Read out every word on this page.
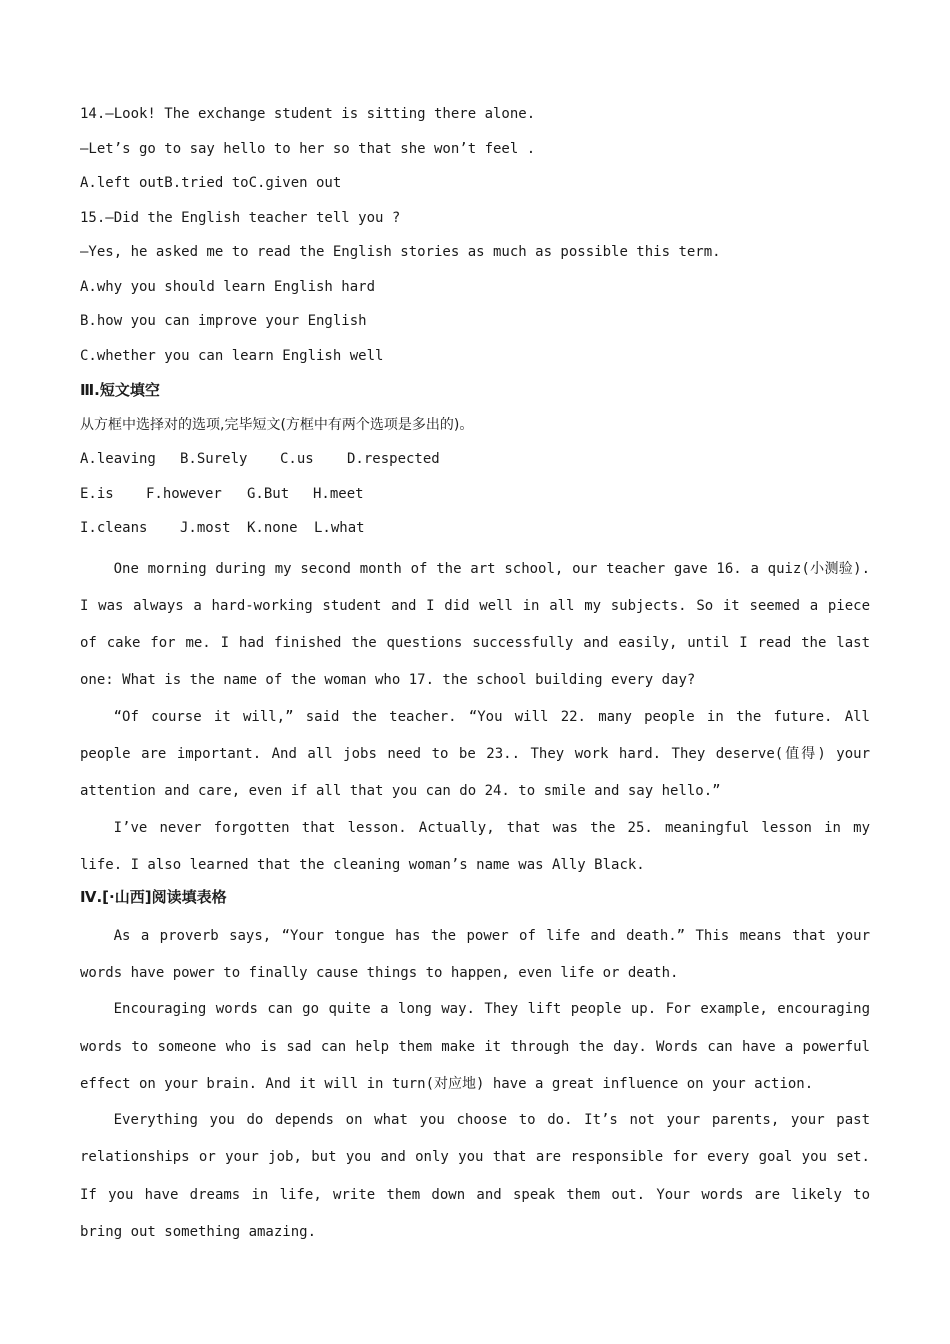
14.—Look! The exchange student is sitting there alone.

—Let’s go to say hello to her so that she won’t feel .

A.left outB.tried toC.given out

15.—Did the English teacher tell you ?

—Yes, he asked me to read the English stories as much as possible this term.

A.why you should learn English hard

B.how you can improve your English

C.whether you can learn English well

Ⅲ.短文填空

从方框中选择对的选项,完毕短文(方框中有两个选项是多出的)。

A.leaving B.Surely C.us D.respected

E.is F.however G.But H.meet

I.cleans J.most K.none L.what

One morning during my second month of the art school, our teacher gave 16. a quiz(小测验). I was always a hard-working student and I did well in all my subjects. So it seemed a piece of cake for me. I had finished the questions successfully and easily, until I read the last one: What is the name of the woman who 17. the school building every day?

“Of course it will,” said the teacher. “You will 22. many people in the future. All people are important. And all jobs need to be 23.. They work hard. They deserve(值得) your attention and care, even if all that you can do 24. to smile and say hello.”

I’ve never forgotten that lesson. Actually, that was the 25. meaningful lesson in my life. I also learned that the cleaning woman’s name was Ally Black.

Ⅳ.[·山西]阅读填表格

As a proverb says, “Your tongue has the power of life and death.” This means that your words have power to finally cause things to happen, even life or death.

Encouraging words can go quite a long way. They lift people up. For example, encouraging words to someone who is sad can help them make it through the day. Words can have a powerful effect on your brain. And it will in turn(对应地) have a great influence on your action.

Everything you do depends on what you choose to do. It’s not your parents, your past relationships or your job, but you and only you that are responsible for every goal you set. If you have dreams in life, write them down and speak them out. Your words are likely to bring out something amazing.
